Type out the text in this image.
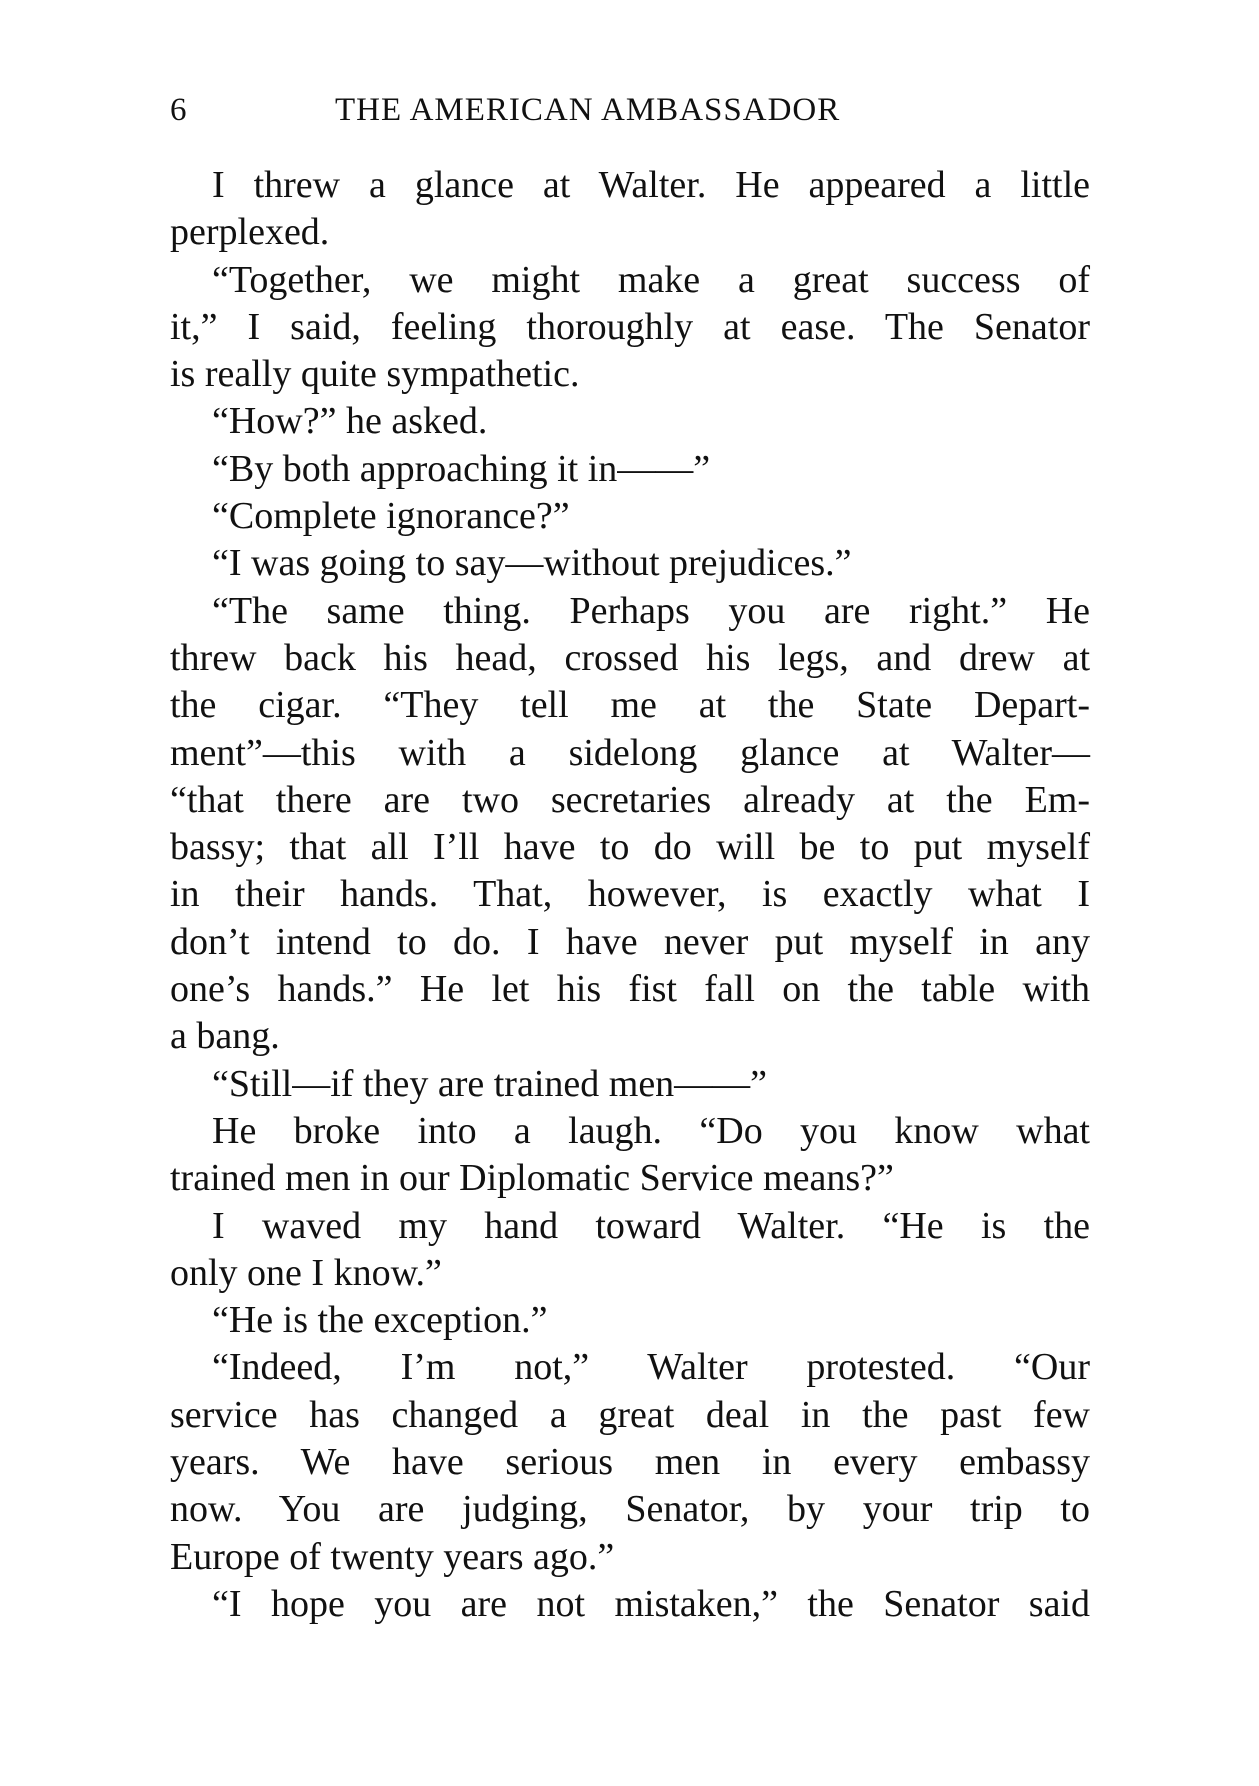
6	THE AMERICAN AMBASSADOR
I threw a glance at Walter. He appeared a little
perplexed.
“Together, we might make a great success of
it,” I said, feeling thoroughly at ease. The Senator
is really quite sympathetic.
“How?” he asked.
“By both approaching it in——”
“Complete ignorance?”
“I was going to say—without prejudices.”
“The same thing. Perhaps you are right.” He
threw back his head, crossed his legs, and drew at
the cigar. “They tell me at the State Depart-
ment”—this with a sidelong glance at Walter—
“that there are two secretaries already at the Em-
bassy; that all I’ll have to do will be to put myself
in their hands. That, however, is exactly what I
don’t intend to do. I have never put myself in any
one’s hands.” He let his fist fall on the table with
a bang.
“Still—if they are trained men——”
He broke into a laugh. “Do you know what
trained men in our Diplomatic Service means?”
I waved my hand toward Walter. “He is the
only one I know.”
“He is the exception.”
“Indeed, I’m not,” Walter protested. “Our
service has changed a great deal in the past few
years. We have serious men in every embassy
now. You are judging, Senator, by your trip to
Europe of twenty years ago.”
“I hope you are not mistaken,” the Senator said
